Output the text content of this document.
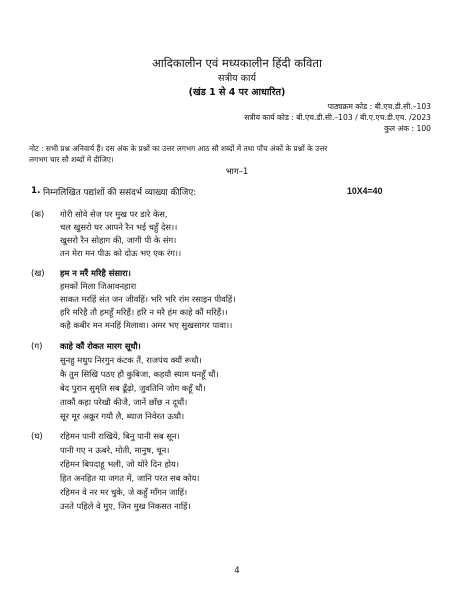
आदिकालीन एवं मध्यकालीन हिंदी कविता
सत्रीय कार्य
(खंड 1 से 4 पर आधारित)
पाठ्यक्रम कोड : बी.एच.डी.सी.–103
सत्रीय कार्य कोड : बी.एच.डी.सी.–103 / बी.ए.एच.डी.एच. /2023
कुल अंक : 100
नोट : सभी प्रश्न अनिवार्य हैं। दस अंक के प्रश्नों का उत्तर लगभग आठ सौ शब्दों में तथा पाँच अंकों के प्रश्नों के उत्तर
लगभग चार सौ शब्दों में दीजिए।
भाग–1
1. निम्नलिखित पद्यांशों की ससंदर्भ व्याख्या कीजिए:	10X4=40
(क) गोरी सोवे सेज पर मुख पर डारे केस,
चल खुसरो घर आपने रैन भई चहुँ देस।।
खुसरो रैन सोहाग की, जागी पी के संग।
तन मेरा मन पीऊ को दोऊ भए एक रंग।।
(ख) हम न मरैं मरिहै संसारा।
हमकों मिला जिआवनहारा
साकत मरहिं संत जन जीवहिं। भरि भरि रांम रसाइन पीवहिं।
हरि मरिहै तौ हमहूँ मरिहैं। हरि न मरै हंम काहे कौं मरिहैं।।
कहै कबीर मन मनहिं मिलावा। अमर भए सुखसागर पावा।।
(ग) काहे कौं रोकत मारग सूधौ।
सुनहु मधुप निरगुन कंटक तैं, राजपंथ क्यौं रूधौ।
कै तुम सिखि पठए हौ कुबिजा, कहयौ स्याम घनहूँ धौं।
बेद पुरान सुमृति सब ढूँढ़ो, जुवतिनि जोग कहूँ धौं।
ताकौं कहा परेखौ कीजै, जानें छाँछ न दूधौं।
सूर मूर अक्रूर गयौ लै, ब्याज निवेरत ऊधौ।
(घ) रहिमन पानी राखिये, बिनु पानी सब सून।
पानी गए न ऊबरे, मोती, मानुष, चून।
रहिमन बिपदाहू भली, जो थोरे दिन होय।
हित अनहित या जगत में, जानि परत सब कोय।
रहिमन वे नर मर चुके, जे कहुँ माँगन जाहिं।
उनते पहिले वे मुए, जिन मुख निकसत नाहिं।
4
